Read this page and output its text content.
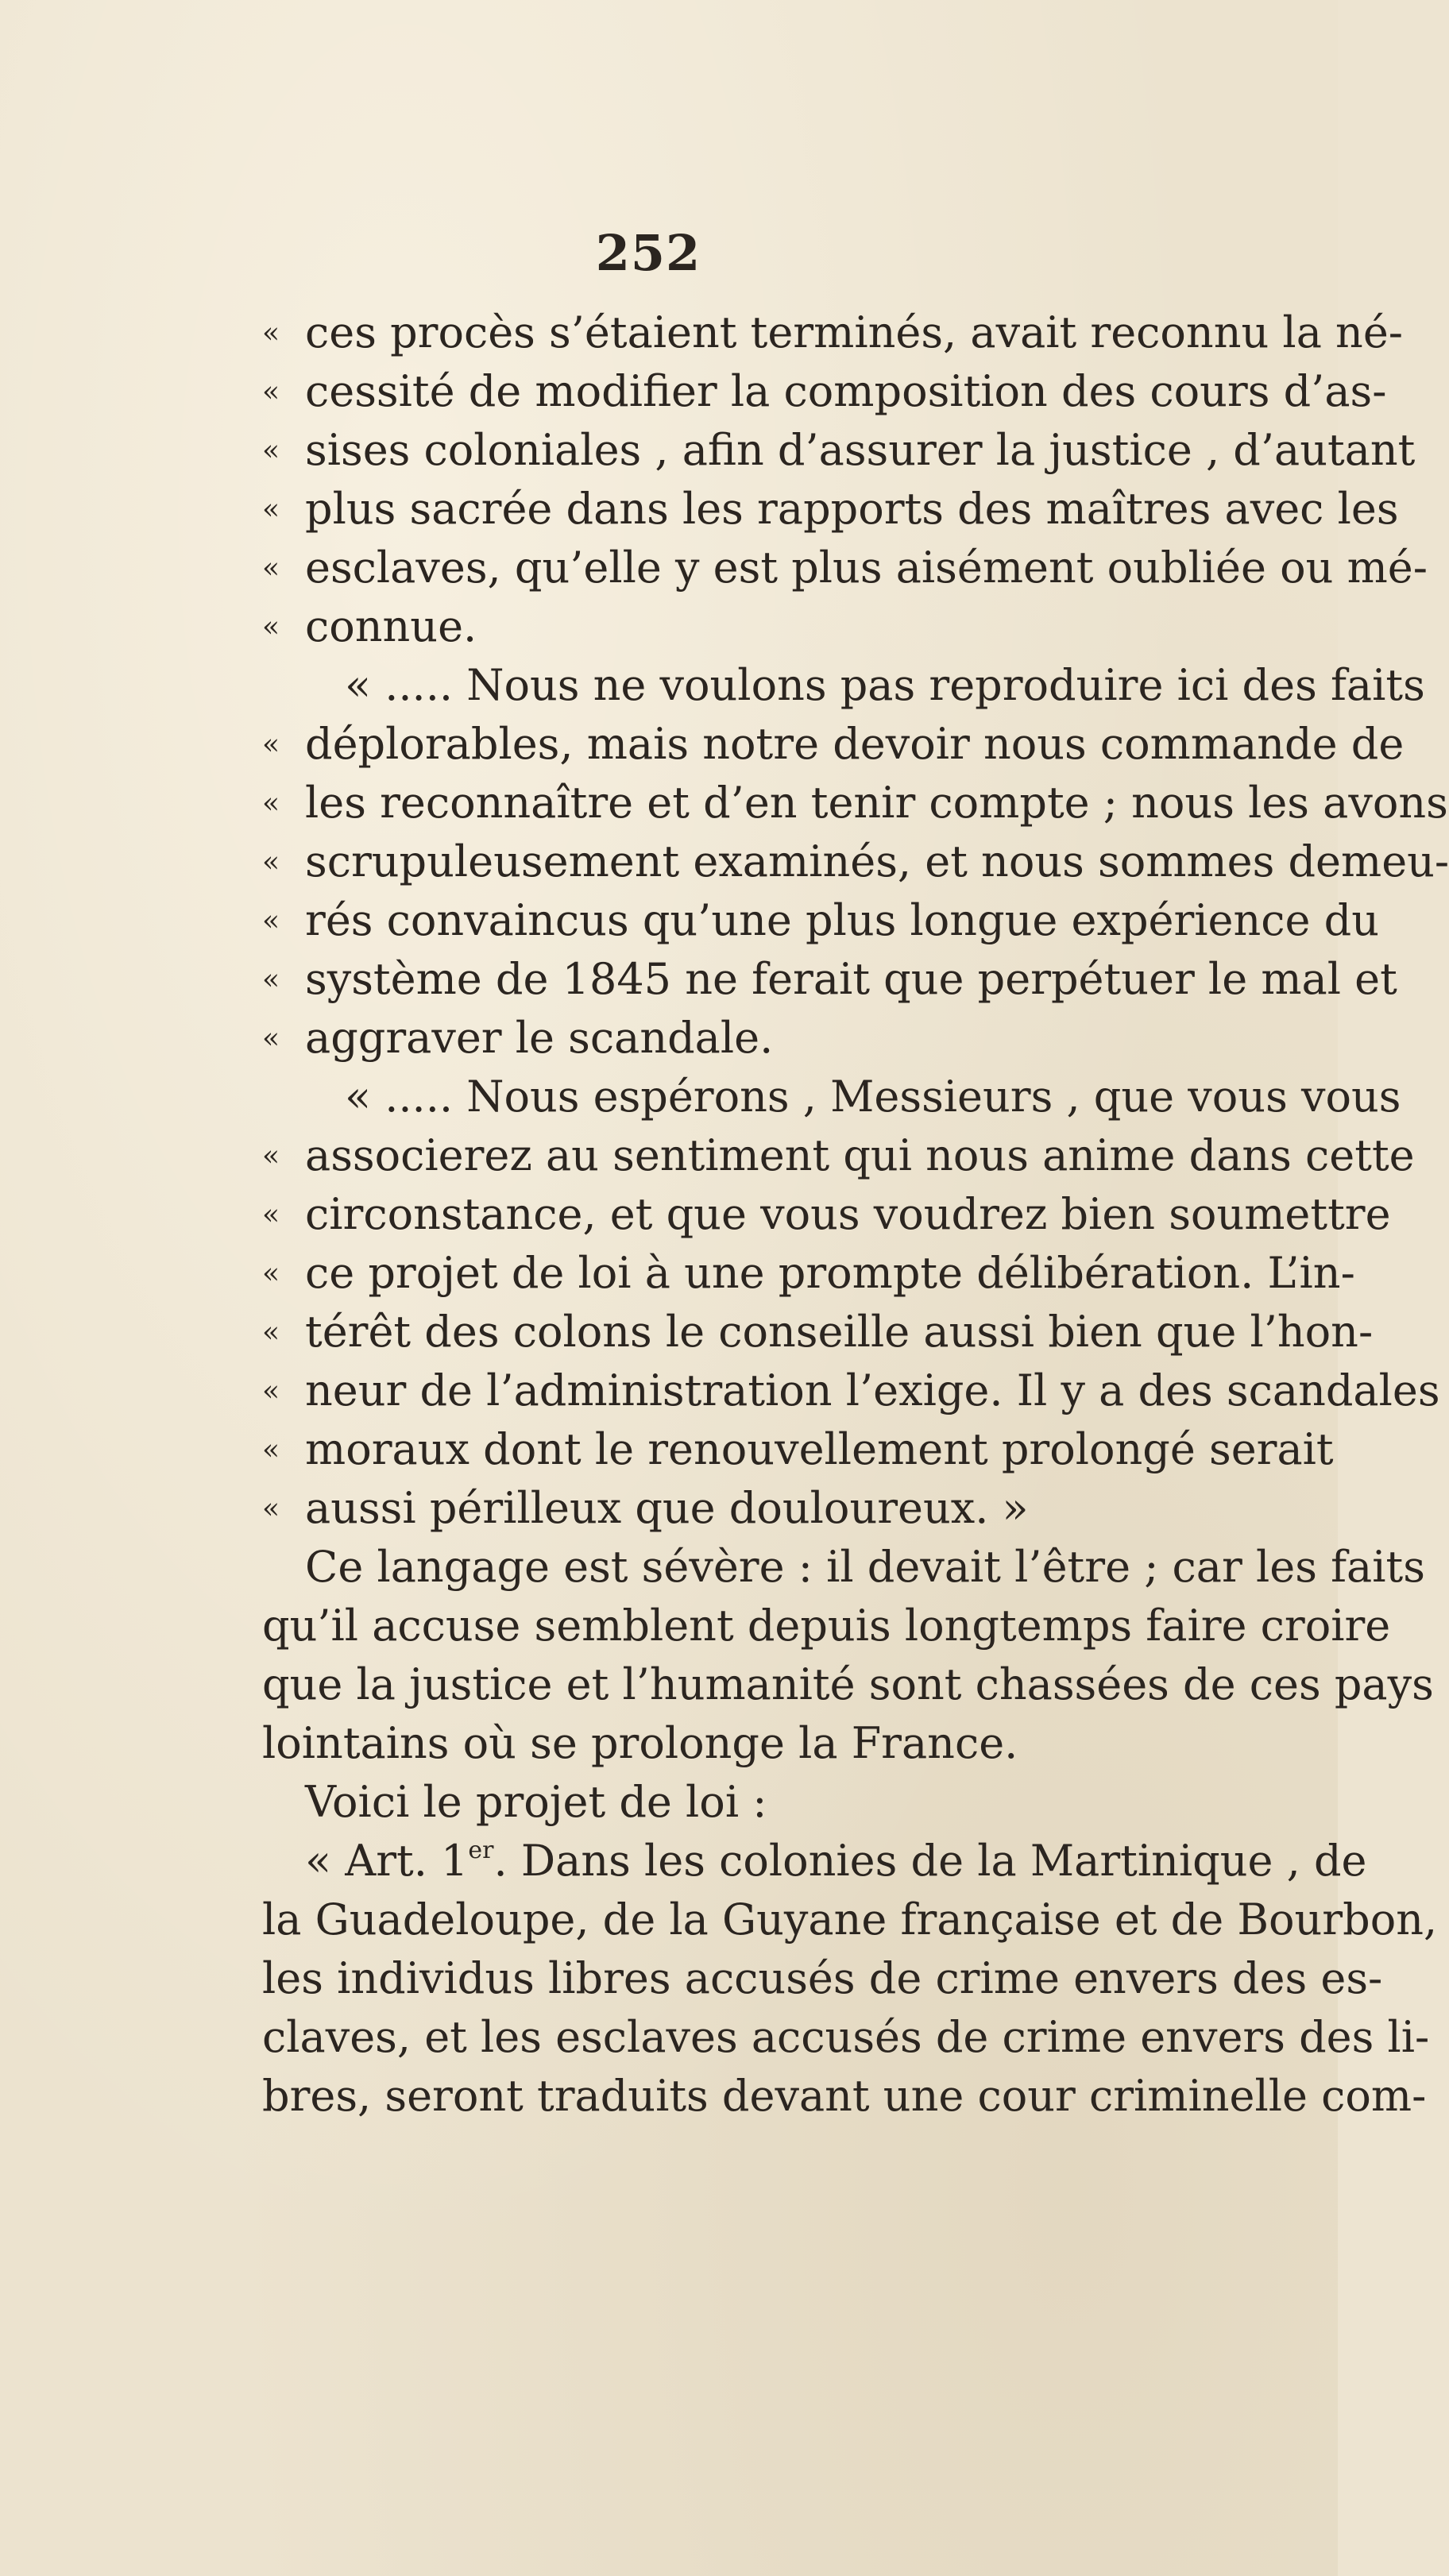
252
« ces procès s’étaient terminés, avait reconnu la né-
« cessité de modifier la composition des cours d’as-
« sises coloniales , afin d’assurer la justice , d’autant
« plus sacrée dans les rapports des maîtres avec les
« esclaves, qu’elle y est plus aisément oubliée ou mé-
« connue.
« ..... Nous ne voulons pas reproduire ici des faits
« déplorables, mais notre devoir nous commande de
« les reconnaître et d’en tenir compte ; nous les avons
« scrupuleusement examinés, et nous sommes demeu-
« rés convaincus qu’une plus longue expérience du
« système de 1845 ne ferait que perpétuer le mal et
« aggraver le scandale.
« ..... Nous espérons , Messieurs , que vous vous
« associerez au sentiment qui nous anime dans cette
« circonstance, et que vous voudrez bien soumettre
« ce projet de loi à une prompte délibération. L’in-
« térêt des colons le conseille aussi bien que l’hon-
« neur de l’administration l’exige. Il y a des scandales
« moraux dont le renouvellement prolongé serait
« aussi périlleux que douloureux. »
Ce langage est sévère : il devait l’être ; car les faits
qu’il accuse semblent depuis longtemps faire croire
que la justice et l’humanité sont chassées de ces pays
lointains où se prolonge la France.
Voici le projet de loi :
« Art. 1er. Dans les colonies de la Martinique , de
la Guadeloupe, de la Guyane française et de Bourbon,
les individus libres accusés de crime envers des es-
claves, et les esclaves accusés de crime envers des li-
bres, seront traduits devant une cour criminelle com-
